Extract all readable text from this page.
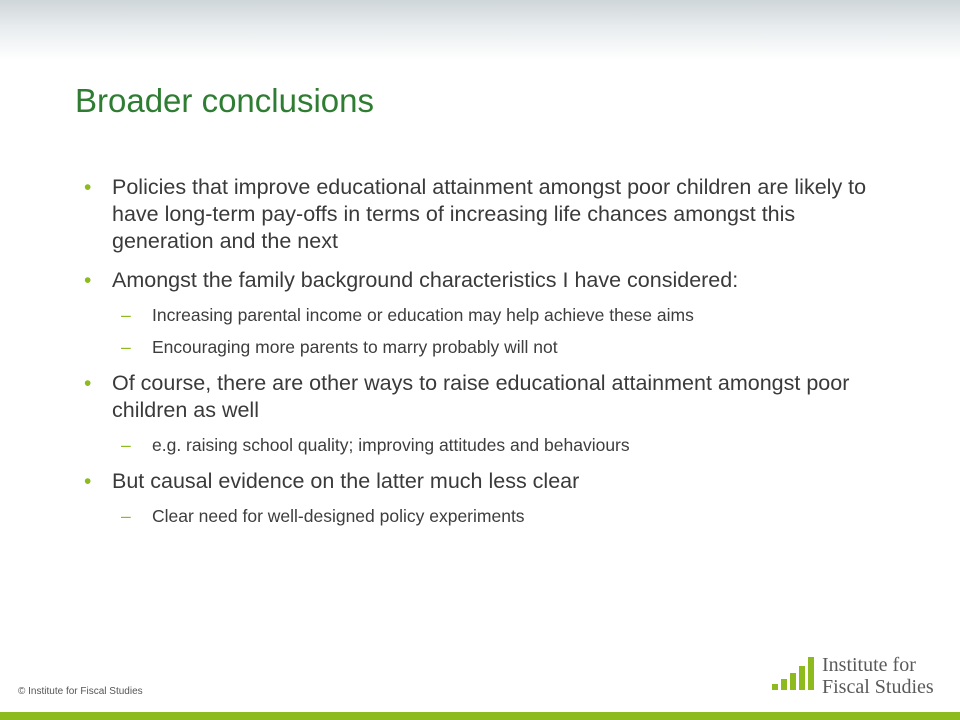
Broader conclusions
• Policies that improve educational attainment amongst poor children are likely to have long-term pay-offs in terms of increasing life chances amongst this generation and the next
• Amongst the family background characteristics I have considered:
– Increasing parental income or education may help achieve these aims
– Encouraging more parents to marry probably will not
• Of course, there are other ways to raise educational attainment amongst poor children as well
– e.g. raising school quality; improving attitudes and behaviours
• But causal evidence on the latter much less clear
– Clear need for well-designed policy experiments
© Institute for Fiscal Studies
Institute for
Fiscal Studies
